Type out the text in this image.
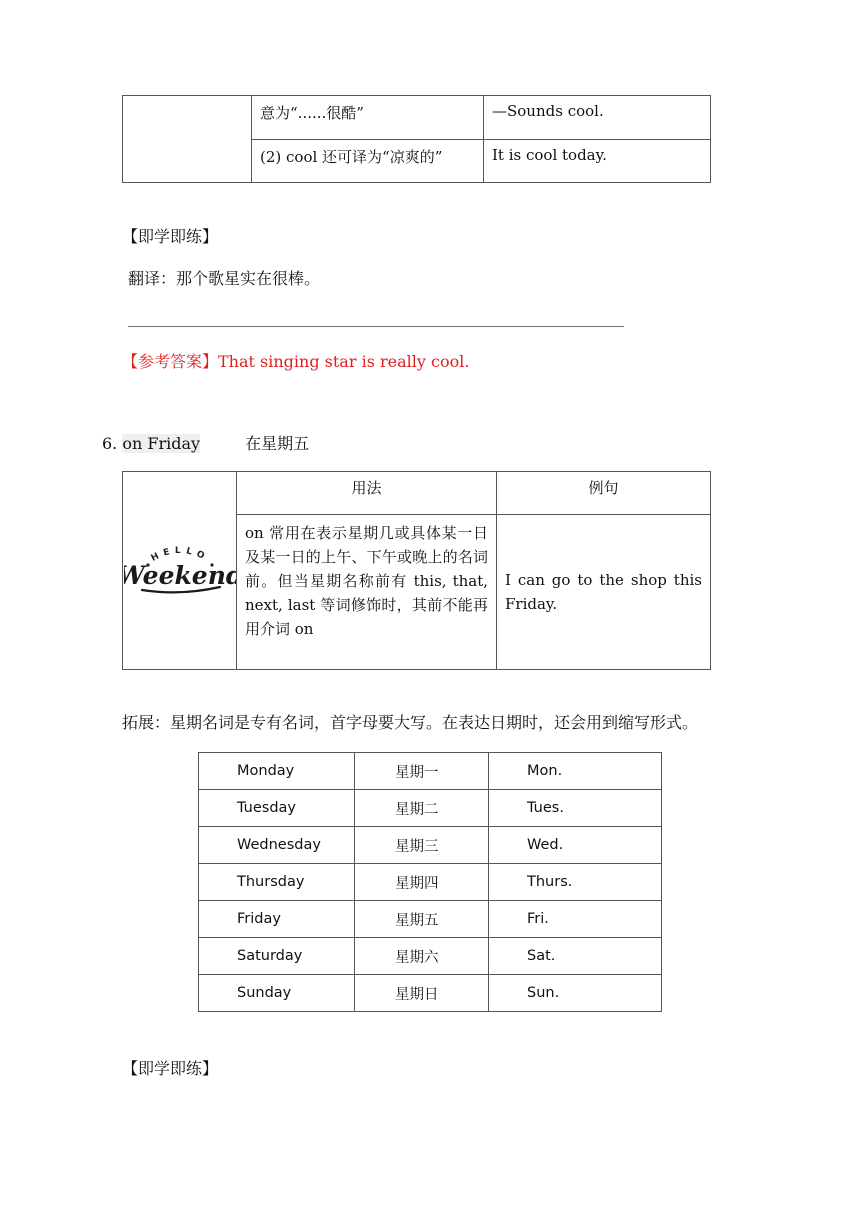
	意为“......很酷”	—Sounds cool.
	(2) cool 还可译为“凉爽的”	It is cool today.
【即学即练】
翻译：那个歌星实在很棒。
______________________________________________________________
【参考答案】That singing star is really cool.
6. on Friday	在星期五
HELLO
eeken	用法	例句
	on 常用在表示星期几或具体某一日及某一日的上午、下午或晚上的名词前。但当星期名称前有 this, that, next, last 等词修饰时，其前不能再用介词 on	I can go to the shop this Friday.
拓展：星期名词是专有名词，首字母要大写。在表达日期时，还会用到缩写形式。
Monday	星期一	Mon.
Tuesday	星期二	Tues.
Wednesday	星期三	Wed.
Thursday	星期四	Thurs.
Friday	星期五	Fri.
Saturday	星期六	Sat.
Sunday	星期日	Sun.
【即学即练】
